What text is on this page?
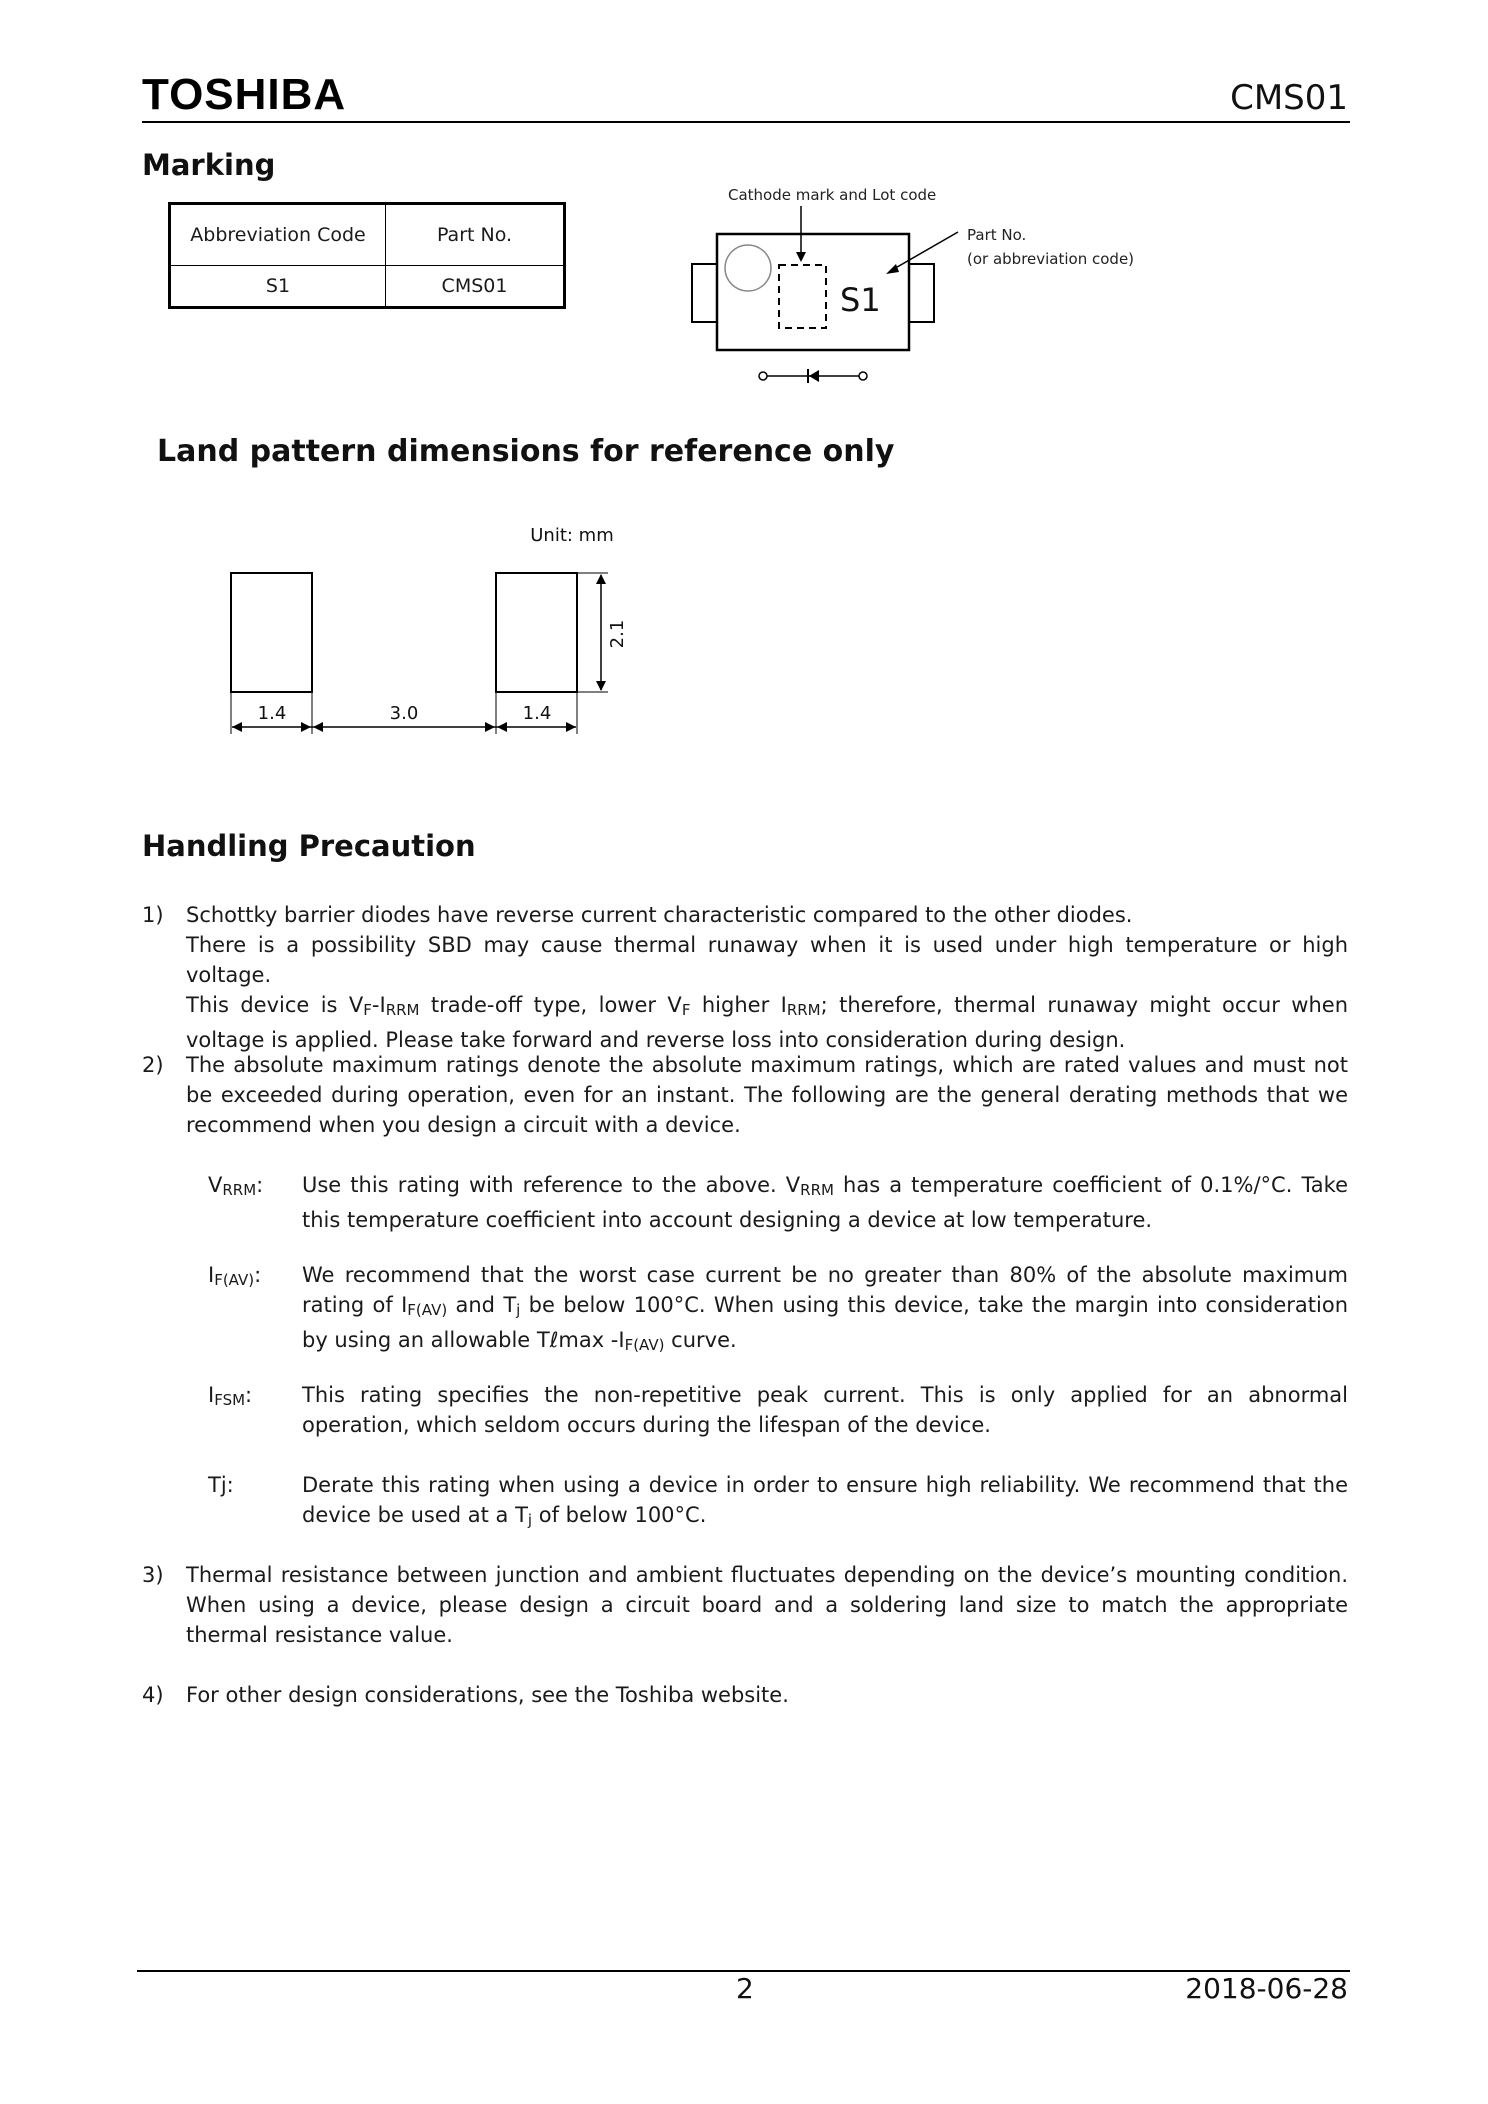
TOSHIBA	CMS01
Marking
Abbreviation Code	Part No.
S1	CMS01
Cathode mark and Lot code
Part No.
(or abbreviation code)
S1
Land pattern dimensions for reference only
Unit: mm
2.1
1.4	3.0	1.4
Handling Precaution
1) Schottky barrier diodes have reverse current characteristic compared to the other diodes.
There is a possibility SBD may cause thermal runaway when it is used under high temperature or high voltage.
This device is $V_F-I_{RRM}$ trade-off type, lower $V_F$ higher $I_{RRM}$; therefore, thermal runaway might occur when voltage is applied. Please take forward and reverse loss into consideration during design.
2) The absolute maximum ratings denote the absolute maximum ratings, which are rated values and must not be exceeded during operation, even for an instant. The following are the general derating methods that we recommend when you design a circuit with a device.
$V_{RRM}$: Use this rating with reference to the above. $V_{RRM}$ has a temperature coefficient of 0.1%/°C. Take this temperature coefficient into account designing a device at low temperature.
$I_{F(AV)}$: We recommend that the worst case current be no greater than 80% of the absolute maximum rating of $I_{F(AV)}$ and $T_j$ be below 100°C. When using this device, take the margin into consideration by using an allowable Tℓmax $-I_{F(AV)}$ curve.
$I_{FSM}$: This rating specifies the non-repetitive peak current. This is only applied for an abnormal operation, which seldom occurs during the lifespan of the device.
Tj:	Derate this rating when using a device in order to ensure high reliability. We recommend that the device be used at a $T_j$ of below 100°C.
3) Thermal resistance between junction and ambient fluctuates depending on the device’s mounting condition. When using a device, please design a circuit board and a soldering land size to match the appropriate thermal resistance value.
4) For other design considerations, see the Toshiba website.
2	2018-06-28
